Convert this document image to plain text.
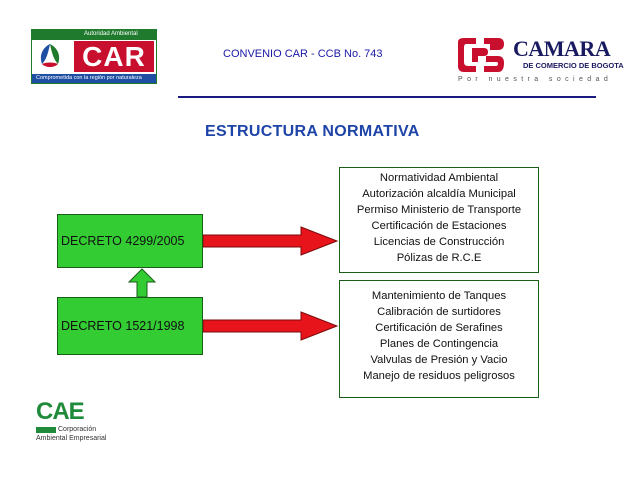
Autoridad Ambiental
CAR
Comprometida con la región por naturaleza
CONVENIO CAR - CCB No. 743	CAMARA
DE COMERCIO DE BOGOTA
Por nuestra sociedad
ESTRUCTURA NORMATIVA
DECRETO 4299/2005
DECRETO 1521/1998
Normatividad Ambiental
Autorización alcaldía Municipal
Permiso Ministerio de Transporte
Certificación de Estaciones
Licencias de Construcción
Pólizas de R.C.E
Mantenimiento de Tanques
Calibración de surtidores
Certificación de Serafines
Planes de Contingencia
Valvulas de Presión y Vacio
Manejo de residuos peligrosos
CAE
Corporación
Ambiental Empresarial
